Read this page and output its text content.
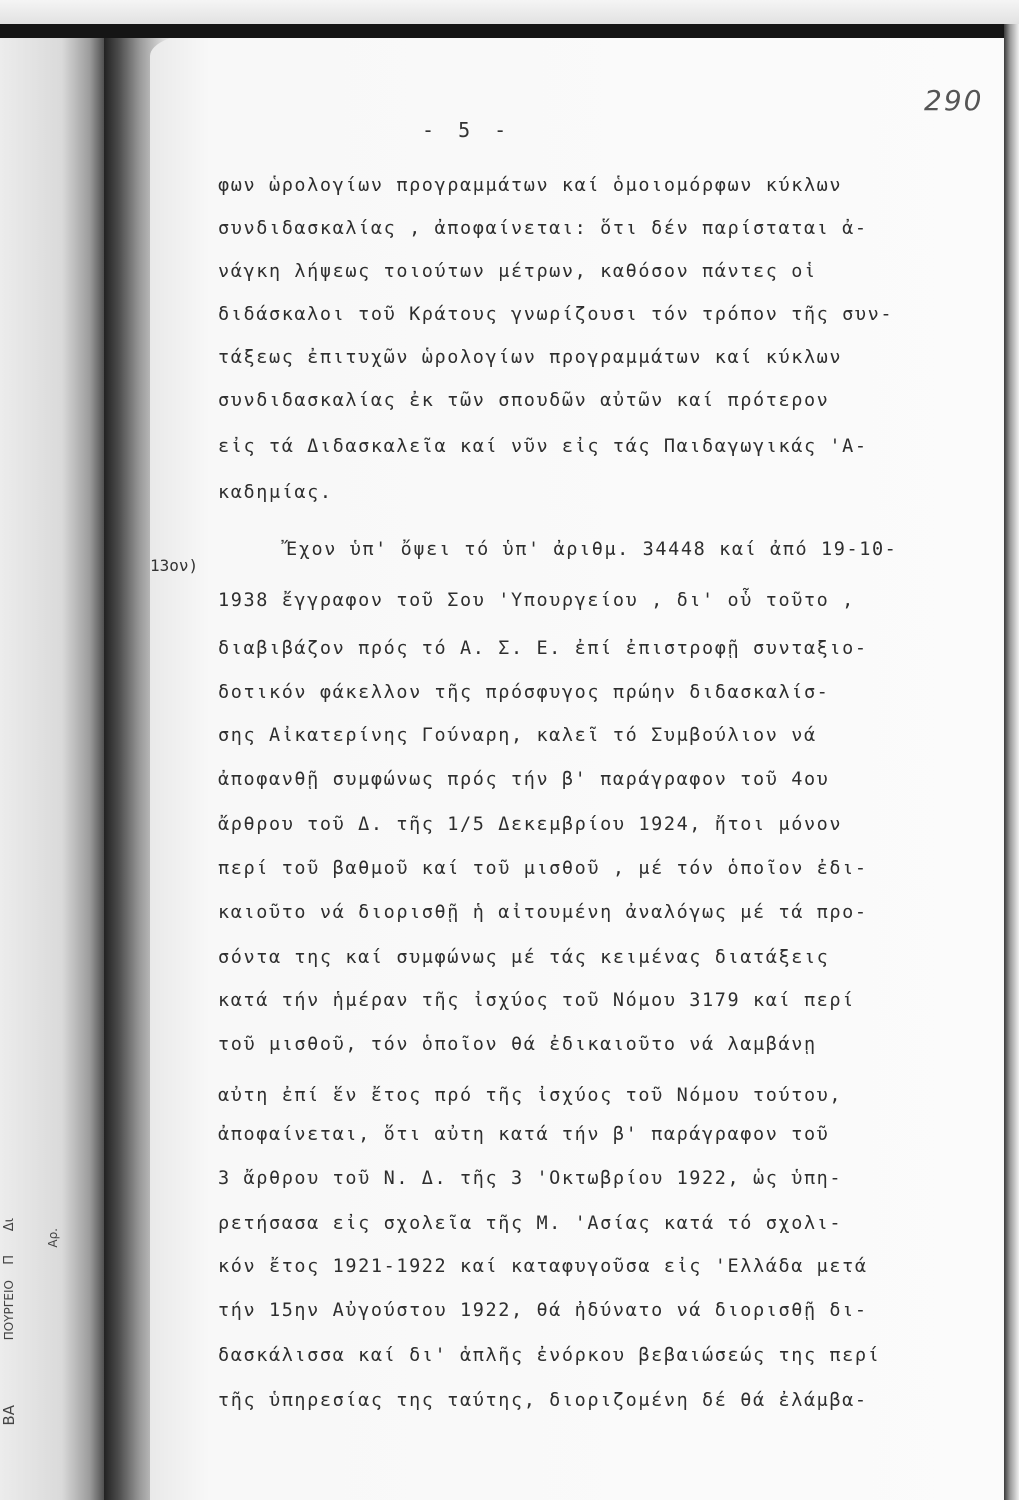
ΒΑ
ΠΟΥΡΓΕΙΟ
Π
Δι
Αρ.
- 5 -
290
13ον)
φων ὡρολογίων προγραμμάτων καί ὁμοιομόρφων κύκλων
συνδιδασκαλίας , ἀποφαίνεται: ὅτι δέν παρίσταται ἀ-
νάγκη λήψεως τοιούτων μέτρων, καθόσον πάντες οἱ
διδάσκαλοι τοῦ Κράτους γνωρίζουσι τόν τρόπον τῆς συν-
τάξεως ἐπιτυχῶν ὡρολογίων προγραμμάτων καί κύκλων
συνδιδασκαλίας ἐκ τῶν σπουδῶν αὐτῶν καί πρότερον
εἰς τά Διδασκαλεῖα καί νῦν εἰς τάς Παιδαγωγικάς 'Α-
καδημίας.
Ἔχον ὑπ' ὄψει τό ὑπ' ἀριθμ. 34448 καί ἀπό 19-10-
1938 ἔγγραφον τοῦ Σου 'Υπουργείου , δι' οὗ τοῦτο ,
διαβιβάζον πρός τό Α. Σ. Ε. ἐπί ἐπιστροφῇ συνταξιο-
δοτικόν φάκελλον τῆς πρόσφυγος πρώην διδασκαλίσ-
σης Αἰκατερίνης Γούναρη, καλεῖ τό Συμβούλιον νά
ἀποφανθῇ συμφώνως πρός τήν β' παράγραφον τοῦ 4ου
ἄρθρου τοῦ Δ. τῆς 1/5 Δεκεμβρίου 1924, ἤτοι μόνον
περί τοῦ βαθμοῦ καί τοῦ μισθοῦ , μέ τόν ὁποῖον ἐδι-
καιοῦτο νά διορισθῇ ἡ αἰτουμένη ἀναλόγως μέ τά προ-
σόντα της καί συμφώνως μέ τάς κειμένας διατάξεις
κατά τήν ἡμέραν τῆς ἰσχύος τοῦ Νόμου 3179 καί περί
τοῦ μισθοῦ, τόν ὁποῖον θά ἐδικαιοῦτο νά λαμβάνῃ
αὐτη ἐπί ἕν ἔτος πρό τῆς ἰσχύος τοῦ Νόμου τούτου,
ἀποφαίνεται, ὅτι αὐτη κατά τήν β' παράγραφον τοῦ
3 ἄρθρου τοῦ Ν. Δ. τῆς 3 'Οκτωβρίου 1922, ὡς ὑπη-
ρετήσασα εἰς σχολεῖα τῆς Μ. 'Ασίας κατά τό σχολι-
κόν ἔτος 1921-1922 καί καταφυγοῦσα εἰς 'Ελλάδα μετά
τήν 15ην Αὐγούστου 1922, θά ἠδύνατο νά διορισθῇ δι-
δασκάλισσα καί δι' ἁπλῆς ἐνόρκου βεβαιώσεώς της περί
τῆς ὑπηρεσίας της ταύτης, διοριζομένη δέ θά ἐλάμβα-
